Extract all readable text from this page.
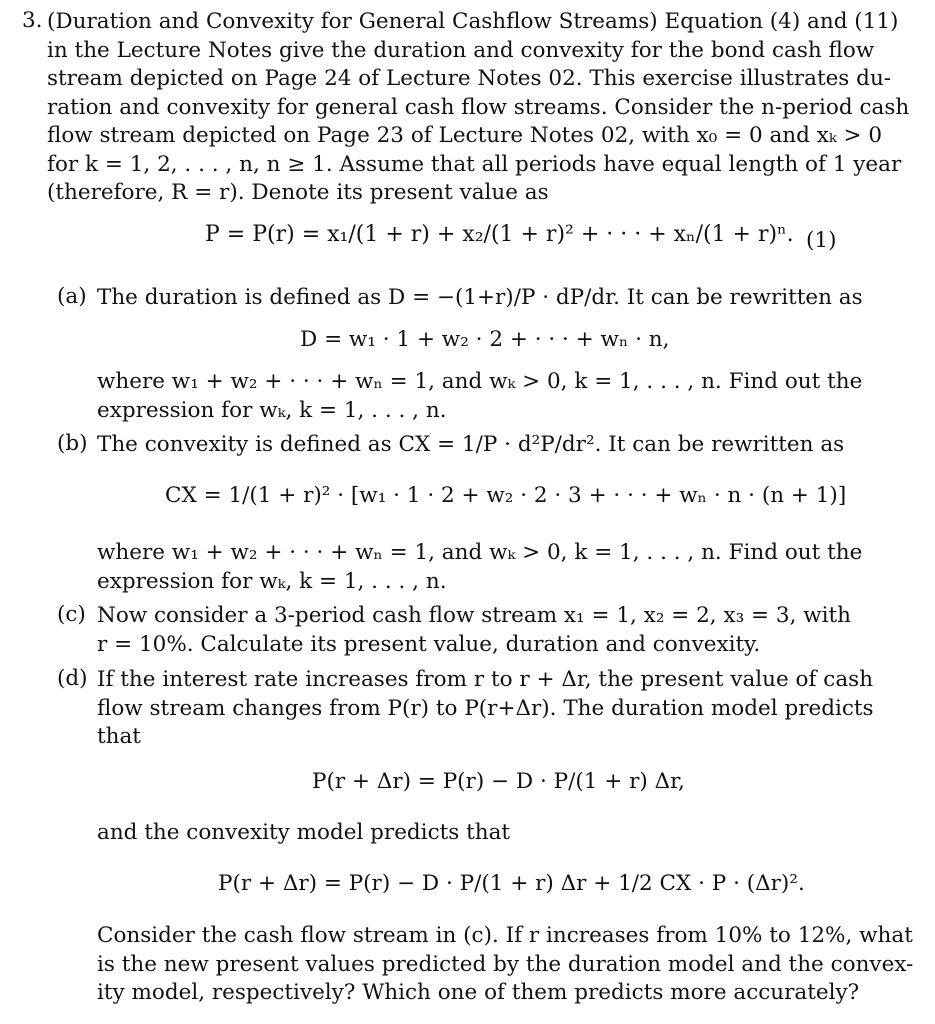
3. (Duration and Convexity for General Cashflow Streams) Equation (4) and (11)
in the Lecture Notes give the duration and convexity for the bond cash flow
stream depicted on Page 24 of Lecture Notes 02. This exercise illustrates du-
ration and convexity for general cash flow streams. Consider the n-period cash
flow stream depicted on Page 23 of Lecture Notes 02, with x₀ = 0 and xₖ > 0
for k = 1, 2, . . . , n, n ≥ 1. Assume that all periods have equal length of 1 year
(therefore, R = r). Denote its present value as
P = P(r) = x₁/(1 + r) + x₂/(1 + r)² + · · · + xₙ/(1 + r)ⁿ. (1)
(a) The duration is defined as D = −(1+r)/P · dP/dr. It can be rewritten as
D = w₁ · 1 + w₂ · 2 + · · · + wₙ · n,
where w₁ + w₂ + · · · + wₙ = 1, and wₖ > 0, k = 1, . . . , n. Find out the
expression for wₖ, k = 1, . . . , n.
(b) The convexity is defined as CX = 1/P · d²P/dr². It can be rewritten as
CX = 1/(1 + r)² · [w₁ · 1 · 2 + w₂ · 2 · 3 + · · · + wₙ · n · (n + 1)]
where w₁ + w₂ + · · · + wₙ = 1, and wₖ > 0, k = 1, . . . , n. Find out the
expression for wₖ, k = 1, . . . , n.
(c) Now consider a 3-period cash flow stream x₁ = 1, x₂ = 2, x₃ = 3, with
r = 10%. Calculate its present value, duration and convexity.
(d) If the interest rate increases from r to r + Δr, the present value of cash
flow stream changes from P(r) to P(r+Δr). The duration model predicts
that
P(r + Δr) = P(r) − D · P/(1 + r) Δr,
and the convexity model predicts that
P(r + Δr) = P(r) − D · P/(1 + r) Δr + 1/2 CX · P · (Δr)².
Consider the cash flow stream in (c). If r increases from 10% to 12%, what
is the new present values predicted by the duration model and the convex-
ity model, respectively? Which one of them predicts more accurately?
